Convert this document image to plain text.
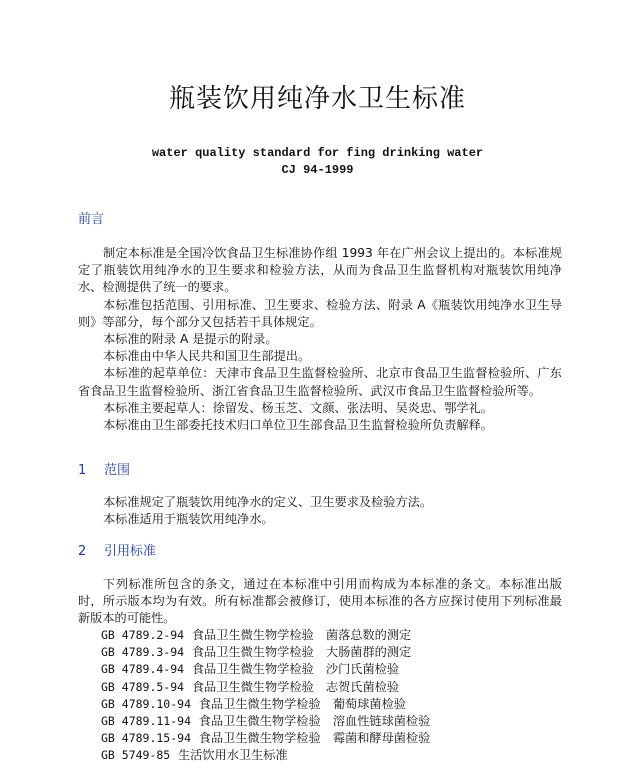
瓶装饮用纯净水卫生标准
water quality standard for fing drinking water
CJ 94-1999
前言

制定本标准是全国冷饮食品卫生标准协作组 1993 年在广州会议上提出的。本标准规定了瓶装饮用纯净水的卫生要求和检验方法，从而为食品卫生监督机构对瓶装饮用纯净水、检测提供了统一的要求。

本标准包括范围、引用标准、卫生要求、检验方法、附录 A《瓶装饮用纯净水卫生导则》等部分，每个部分又包括若干具体规定。

本标准的附录 A 是提示的附录。

本标准由中华人民共和国卫生部提出。

本标准的起草单位：天津市食品卫生监督检验所、北京市食品卫生监督检验所、广东省食品卫生监督检验所、浙江省食品卫生监督检验所、武汉市食品卫生监督检验所等。

本标准主要起草人：徐留发、杨玉芝、文颜、张法明、吴炎忠、鄂学礼。

本标准由卫生部委托技术归口单位卫生部食品卫生监督检验所负责解释。

1 范围

本标准规定了瓶装饮用纯净水的定义、卫生要求及检验方法。

本标准适用于瓶装饮用纯净水。

2 引用标准

下列标准所包含的条文，通过在本标准中引用而构成为本标准的条文。本标准出版时，所示版本均为有效。所有标准都会被修订，使用本标准的各方应探讨使用下列标准最新版本的可能性。

GB 4789.2-94 食品卫生微生物学检验　菌落总数的测定
GB 4789.3-94 食品卫生微生物学检验　大肠菌群的测定
GB 4789.4-94 食品卫生微生物学检验　沙门氏菌检验
GB 4789.5-94 食品卫生微生物学检验　志贺氏菌检验
GB 4789.10-94 食品卫生微生物学检验　葡萄球菌检验
GB 4789.11-94 食品卫生微生物学检验　溶血性链球菌检验
GB 4789.15-94 食品卫生微生物学检验　霉菌和酵母菌检验
GB 5749-85 生活饮用水卫生标准
